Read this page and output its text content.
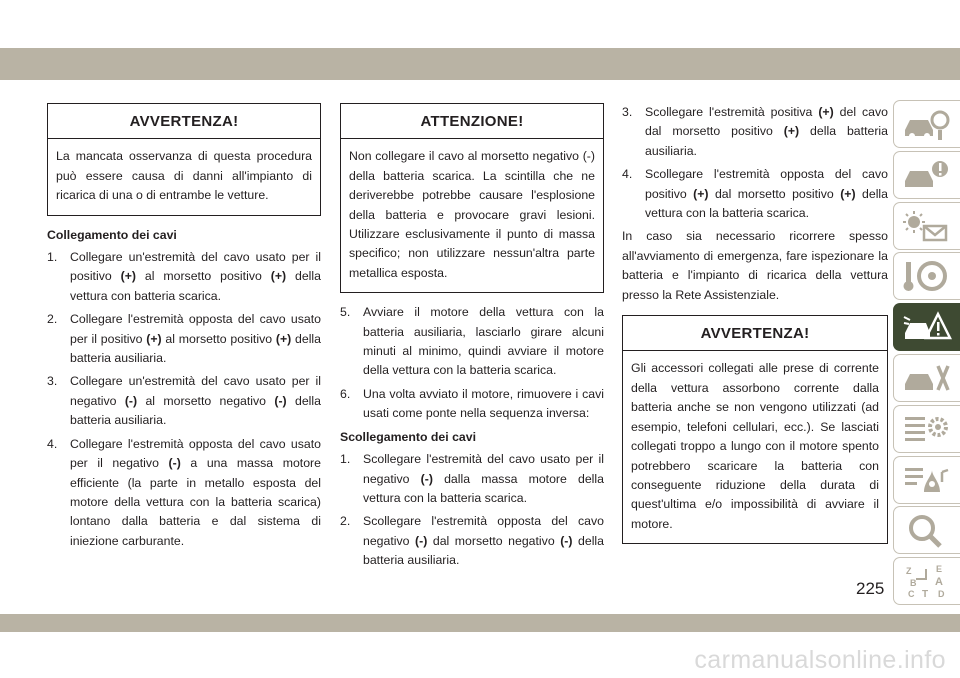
AVVERTENZA!
La mancata osservanza di questa procedura può essere causa di danni all'impianto di ricarica di una o di entrambe le vetture.
Collegamento dei cavi
1.	Collegare un'estremità del cavo usato per il positivo (+) al morsetto positivo (+) della vettura con batteria scarica.
2.	Collegare l'estremità opposta del cavo usato per il positivo (+) al morsetto positivo (+) della batteria ausiliaria.
3.	Collegare un'estremità del cavo usato per il negativo (-) al morsetto negativo (-) della batteria ausiliaria.
4.	Collegare l'estremità opposta del cavo usato per il negativo (-) a una massa motore efficiente (la parte in metallo esposta del motore della vettura con la batteria scarica) lontano dalla batteria e dal sistema di iniezione carburante.
ATTENZIONE!
Non collegare il cavo al morsetto negativo (-) della batteria scarica. La scintilla che ne deriverebbe potrebbe causare l'esplosione della batteria e provocare gravi lesioni. Utilizzare esclusivamente il punto di massa specifico; non utilizzare nessun'altra parte metallica esposta.
5.	Avviare il motore della vettura con la batteria ausiliaria, lasciarlo girare alcuni minuti al minimo, quindi avviare il motore della vettura con la batteria scarica.
6.	Una volta avviato il motore, rimuovere i cavi usati come ponte nella sequenza inversa:
Scollegamento dei cavi
1.	Scollegare l'estremità del cavo usato per il negativo (-) dalla massa motore della vettura con la batteria scarica.
2.	Scollegare l'estremità opposta del cavo negativo (-) dal morsetto negativo (-) della batteria ausiliaria.
3.	Scollegare l'estremità positiva (+) del cavo dal morsetto positivo (+) della batteria ausiliaria.
4.	Scollegare l'estremità opposta del cavo positivo (+) dal morsetto positivo (+) della vettura con la batteria scarica.
In caso sia necessario ricorrere spesso all'avviamento di emergenza, fare ispezionare la batteria e l'impianto di ricarica della vettura presso la Rete Assistenziale.
AVVERTENZA!
Gli accessori collegati alle prese di corrente della vettura assorbono corrente dalla batteria anche se non vengono utilizzati (ad esempio, telefoni cellulari, ecc.). Se lasciati collegati troppo a lungo con il motore spento potrebbero scaricare la batteria con conseguente riduzione della durata di quest'ultima e/o impossibilità di avviare il motore.
Z	E
B A
C T D
225
carmanualsonline.info
